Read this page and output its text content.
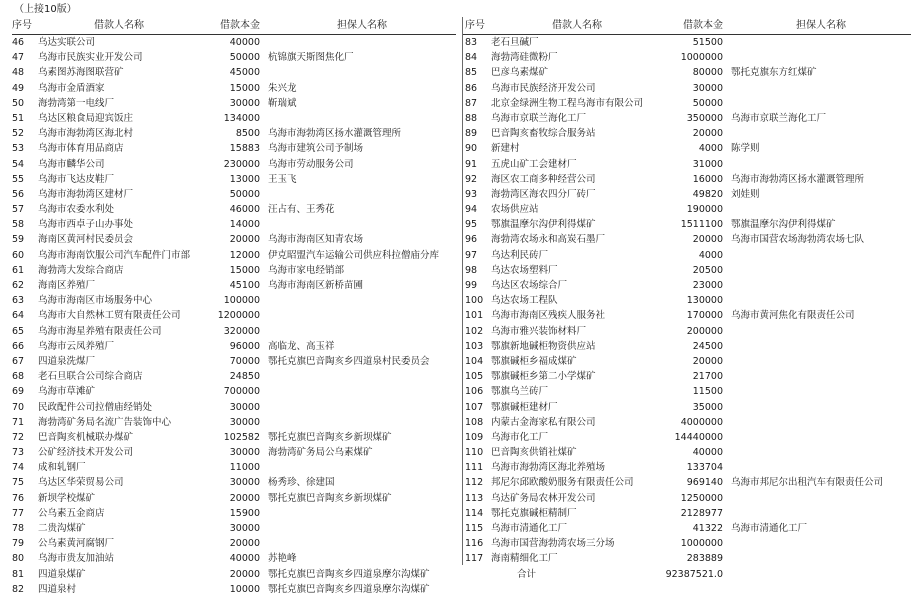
（上接10版）
序号	借款人名称	借款本金	担保人名称
46	乌达实联公司	40000
47	乌海市民族实业开发公司	50000 杭锦旗天斯图焦化厂
48	乌素图苏海图联营矿	45000
49	乌海市金盾酒家	15000 朱兴龙
50	海勃湾第一电线厂	30000 靳瑞斌
51	乌达区粮食局迎宾饭庄	134000
52	乌海市海勃湾区海北村	8500 乌海市海勃湾区扬水灌溉管理所
53	乌海市体育用品商店	15883 乌海市建筑公司予制场
54	乌海市麟华公司	230000 乌海市劳动服务公司
55	乌海市飞达皮鞋厂	13000 王玉飞
56	乌海市海勃湾区建材厂	50000
57	乌海市农委水利处	46000 汪占有、王秀花
58	乌海市西卓子山办事处	14000
59	海南区黄河村民委员会	20000 乌海市海南区知青农场
60	乌海市海南饮服公司汽车配件门市部	12000 伊克昭盟汽车运输公司供应科拉僧庙分库
61	海勃湾大发综合商店	15000 乌海市家电经销部
62	海南区养殖厂	45100 乌海市海南区新桥苗圃
63	乌海市海南区市场服务中心	100000
64	乌海市大自然林工贸有限责任公司	1200000
65	乌海市海星养殖有限责任公司	320000
66	乌海市云凤养殖厂	96000 高临龙、高玉祥
67	四道泉洗煤厂	70000 鄂托克旗巴音陶亥乡四道泉村民委员会
68	老石旦联合公司综合商店	24850
69	乌海市草滩矿	700000
70	民政配件公司拉僧庙经销处	30000
71	海勃湾矿务局名流广告装饰中心	30000
72	巴音陶亥机械联办煤矿	102582 鄂托克旗巴音陶亥乡新坝煤矿
73	公矿经济技术开发公司	30000 海勃湾矿务局公乌素煤矿
74	成和轧钢厂	11000
75	乌达区华荣贸易公司	30000 杨秀珍、徐建国
76	新坝学校煤矿	20000 鄂托克旗巴音陶亥乡新坝煤矿
77	公乌素五金商店	15900
78	二贵沟煤矿	30000
79	公乌素黄河腐钢厂	20000
80	乌海市贵友加油站	40000 苏艳峰
81	四道泉煤矿	20000 鄂托克旗巴音陶亥乡四道泉摩尔沟煤矿
82	四道泉村	10000 鄂托克旗巴音陶亥乡四道泉摩尔沟煤矿
序号	借款人名称	借款本金	担保人名称
83	老石旦碱厂	51500
84	海勃湾硅微粉厂	1000000
85	巴彦乌素煤矿	80000 鄂托克旗东方红煤矿
86	乌海市民族经济开发公司	30000
87	北京金绿洲生物工程乌海市有限公司	50000
88	乌海市京联兰海化工厂	350000 乌海市京联兰海化工厂
89	巴音陶亥畜牧综合服务站	20000
90	新建村	4000 陈学则
91	五虎山矿工会建材厂	31000
92	海区农工商多种经营公司	16000 乌海市海勃湾区扬水灌溉管理所
93	海勃湾区海农四分厂砖厂	49820 刘娃则
94	农场供应站	190000
95	鄂旗温摩尔沟伊利得煤矿	1511100 鄂旗温摩尔沟伊利得煤矿
96	海勃湾农场永和高炭石墨厂	20000 乌海市国营农场海勃湾农场七队
97	乌达利民砖厂	4000
98	乌达农场塑料厂	20500
99	乌达区农场综合厂	23000
100 乌达农场工程队	130000
101 乌海市海南区残疾人服务社	170000 乌海市黄河焦化有限责任公司
102 乌海市雅兴装饰材料厂	200000
103 鄂旗新地碱柜物资供应站	24500
104 鄂旗碱柜乡福成煤矿	20000
105 鄂旗碱柜乡第二小学煤矿	21700
106 鄂旗乌兰砖厂	11500
107 鄂旗碱柜建材厂	35000
108 内蒙古金海家私有限公司	4000000
109 乌海市化工厂	14440000
110 巴音陶亥供销社煤矿	40000
111 乌海市海勃湾区海北养殖场	133704
112 邦尼尔邱欧酸奶服务有限责任公司	969140 乌海市邦尼尔出租汽车有限责任公司
113 乌达矿务局农林开发公司	1250000
114 鄂托克旗碱柜精制厂	2128977
115 乌海市清通化工厂	41322 乌海市清通化工厂
116 乌海市国营海勃湾农场三分场	1000000
117 海南精细化工厂	283889
合计	92387521.0
